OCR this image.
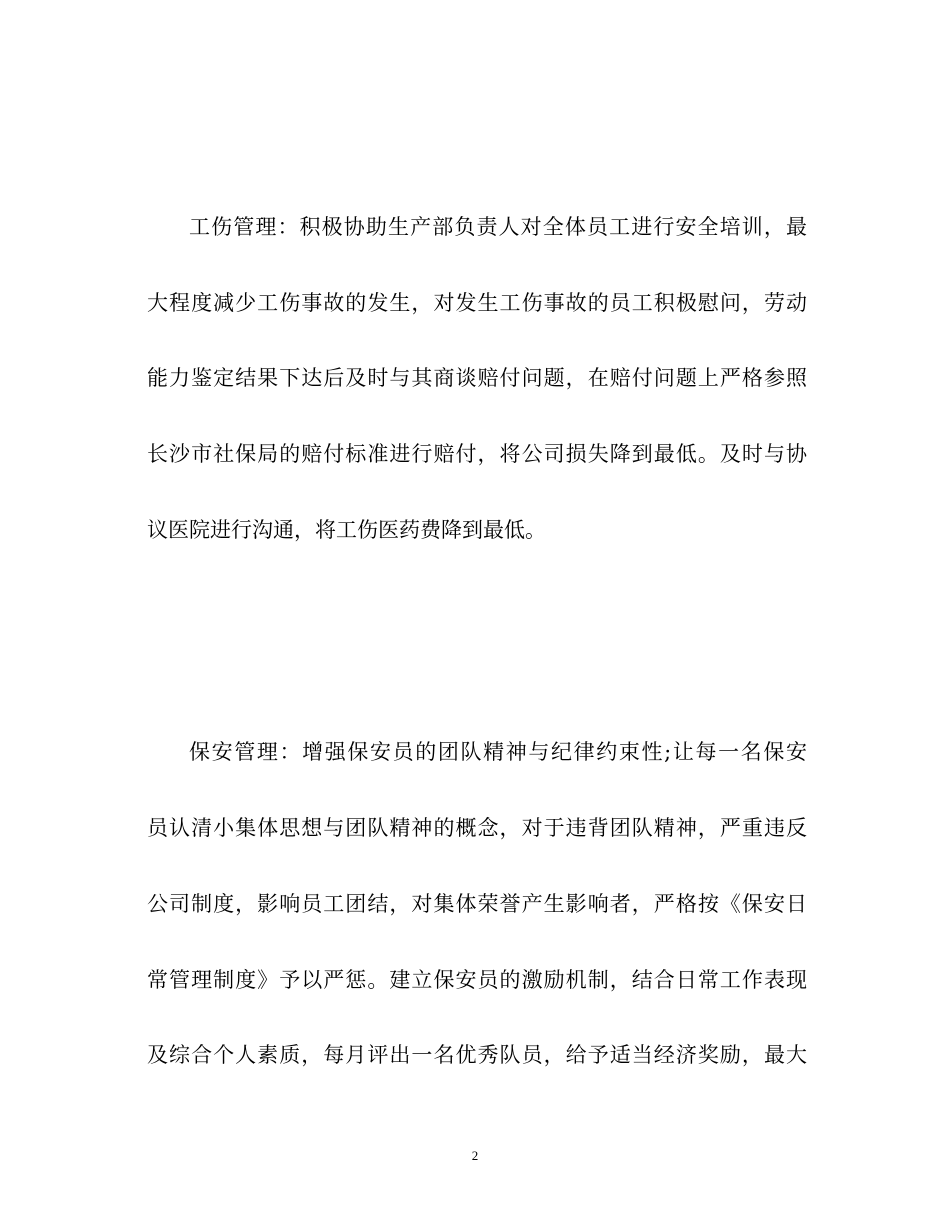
工伤管理：积极协助生产部负责人对全体员工进行安全培训，最
大程度减少工伤事故的发生，对发生工伤事故的员工积极慰问，劳动
能力鉴定结果下达后及时与其商谈赔付问题，在赔付问题上严格参照
长沙市社保局的赔付标准进行赔付，将公司损失降到最低。及时与协
议医院进行沟通，将工伤医药费降到最低。
保安管理：增强保安员的团队精神与纪律约束性;让每一名保安
员认清小集体思想与团队精神的概念，对于违背团队精神，严重违反
公司制度，影响员工团结，对集体荣誉产生影响者，严格按《保安日
常管理制度》予以严惩。建立保安员的激励机制，结合日常工作表现
及综合个人素质，每月评出一名优秀队员，给予适当经济奖励，最大
2
